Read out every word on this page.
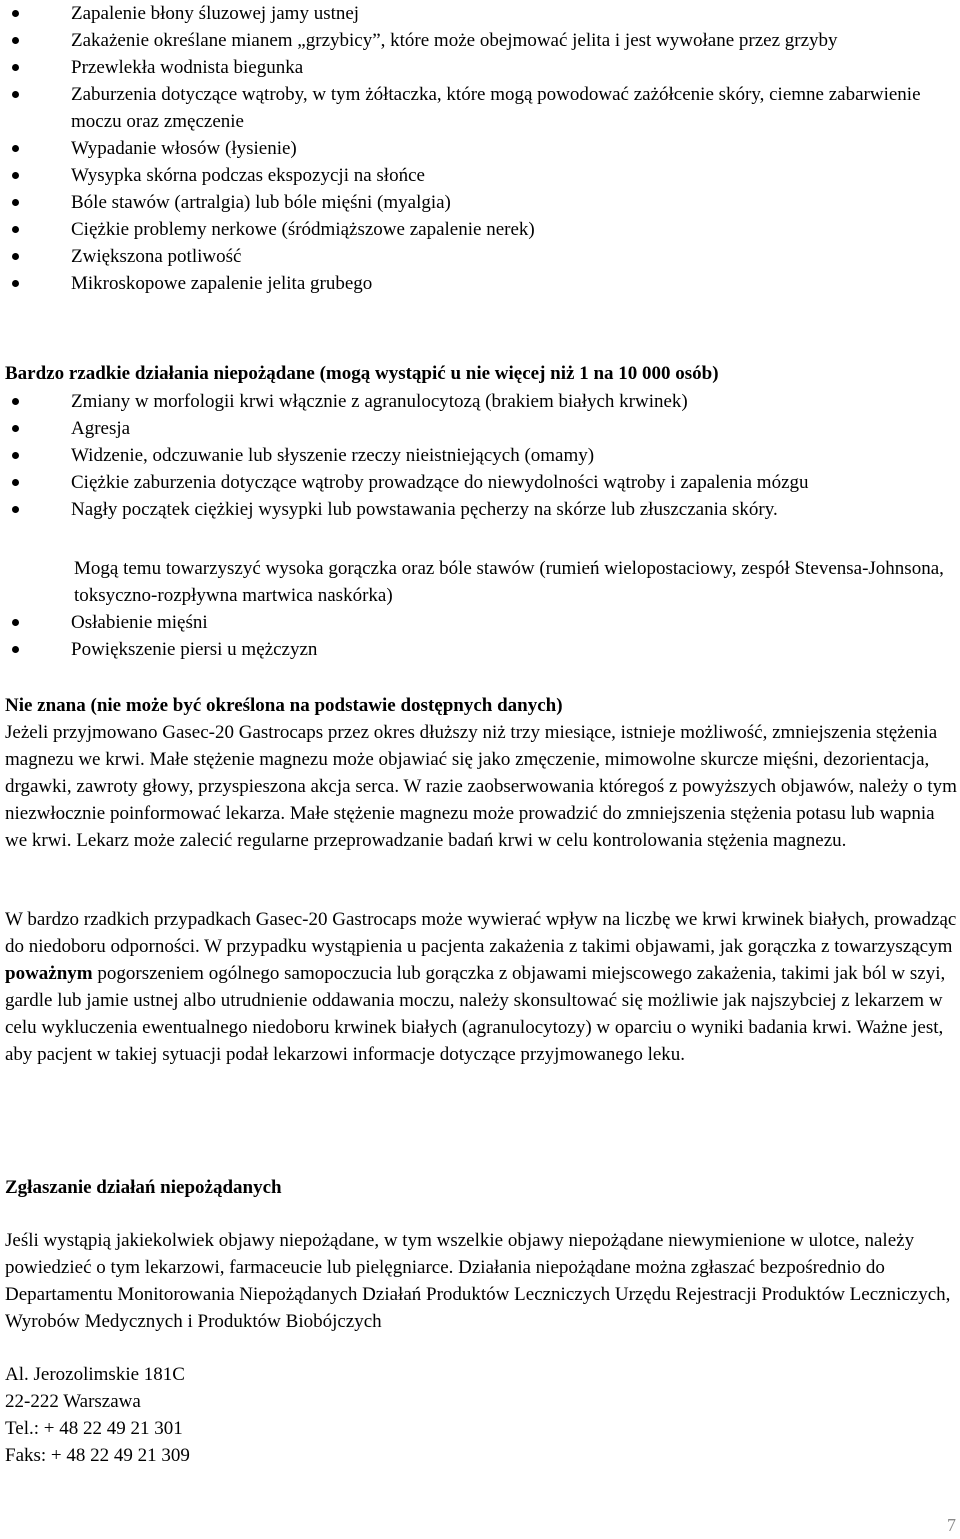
Zapalenie błony śluzowej jamy ustnej
Zakażenie określane mianem „grzybicy”, które może obejmować jelita i jest wywołane przez grzyby
Przewlekła wodnista biegunka
Zaburzenia dotyczące wątroby, w tym żółtaczka, które mogą powodować zażółcenie skóry, ciemne zabarwienie moczu oraz zmęczenie
Wypadanie włosów (łysienie)
Wysypka skórna podczas ekspozycji na słońce
Bóle stawów (artralgia) lub bóle mięśni (myalgia)
Ciężkie problemy nerkowe (śródmiąższowe zapalenie nerek)
Zwiększona potliwość
Mikroskopowe zapalenie jelita grubego
Bardzo rzadkie działania niepożądane (mogą wystąpić u nie więcej niż 1 na 10 000 osób)
Zmiany w morfologii krwi włącznie z agranulocytozą (brakiem białych krwinek)
Agresja
Widzenie, odczuwanie lub słyszenie rzeczy nieistniejących (omamy)
Ciężkie zaburzenia dotyczące wątroby prowadzące do niewydolności wątroby i zapalenia mózgu
Nagły początek ciężkiej wysypki lub powstawania pęcherzy na skórze lub złuszczania skóry.
Mogą temu towarzyszyć wysoka gorączka oraz bóle stawów (rumień wielopostaciowy, zespół Stevensa-Johnsona, toksyczno-rozpływna martwica naskórka)
Osłabienie mięśni
Powiększenie piersi u mężczyzn
Nie znana (nie może być określona na podstawie dostępnych danych)
Jeżeli przyjmowano Gasec-20 Gastrocaps przez okres dłuższy niż trzy miesiące, istnieje możliwość, zmniejszenia stężenia magnezu we krwi. Małe stężenie magnezu może objawiać się jako zmęczenie, mimowolne skurcze mięśni, dezorientacja, drgawki, zawroty głowy, przyspieszona akcja serca. W razie zaobserwowania któregoś z powyższych objawów, należy o tym niezwłocznie poinformować lekarza. Małe stężenie magnezu może prowadzić do zmniejszenia stężenia potasu lub wapnia we krwi. Lekarz może zalecić regularne przeprowadzanie badań krwi w celu kontrolowania stężenia magnezu.
W bardzo rzadkich przypadkach Gasec-20 Gastrocaps może wywierać wpływ na liczbę we krwi krwinek białych, prowadząc do niedoboru odporności. W przypadku wystąpienia u pacjenta zakażenia z takimi objawami, jak gorączka z towarzyszącym poważnym pogorszeniem ogólnego samopoczucia lub gorączka z objawami miejscowego zakażenia, takimi jak ból w szyi, gardle lub jamie ustnej albo utrudnienie oddawania moczu, należy skonsultować się możliwie jak najszybciej z lekarzem w celu wykluczenia ewentualnego niedoboru krwinek białych (agranulocytozy) w oparciu o wyniki badania krwi. Ważne jest, aby pacjent w takiej sytuacji podał lekarzowi informacje dotyczące przyjmowanego leku.
Zgłaszanie działań niepożądanych
Jeśli wystąpią jakiekolwiek objawy niepożądane, w tym wszelkie objawy niepożądane niewymienione w ulotce, należy powiedzieć o tym lekarzowi, farmaceucie lub pielęgniarce. Działania niepożądane można zgłaszać bezpośrednio do Departamentu Monitorowania Niepożądanych Działań Produktów Leczniczych Urzędu Rejestracji Produktów Leczniczych, Wyrobów Medycznych i Produktów Biobójczych
Al. Jerozolimskie 181C
22-222 Warszawa
Tel.: + 48 22 49 21 301
Faks: + 48 22 49 21 309
7
